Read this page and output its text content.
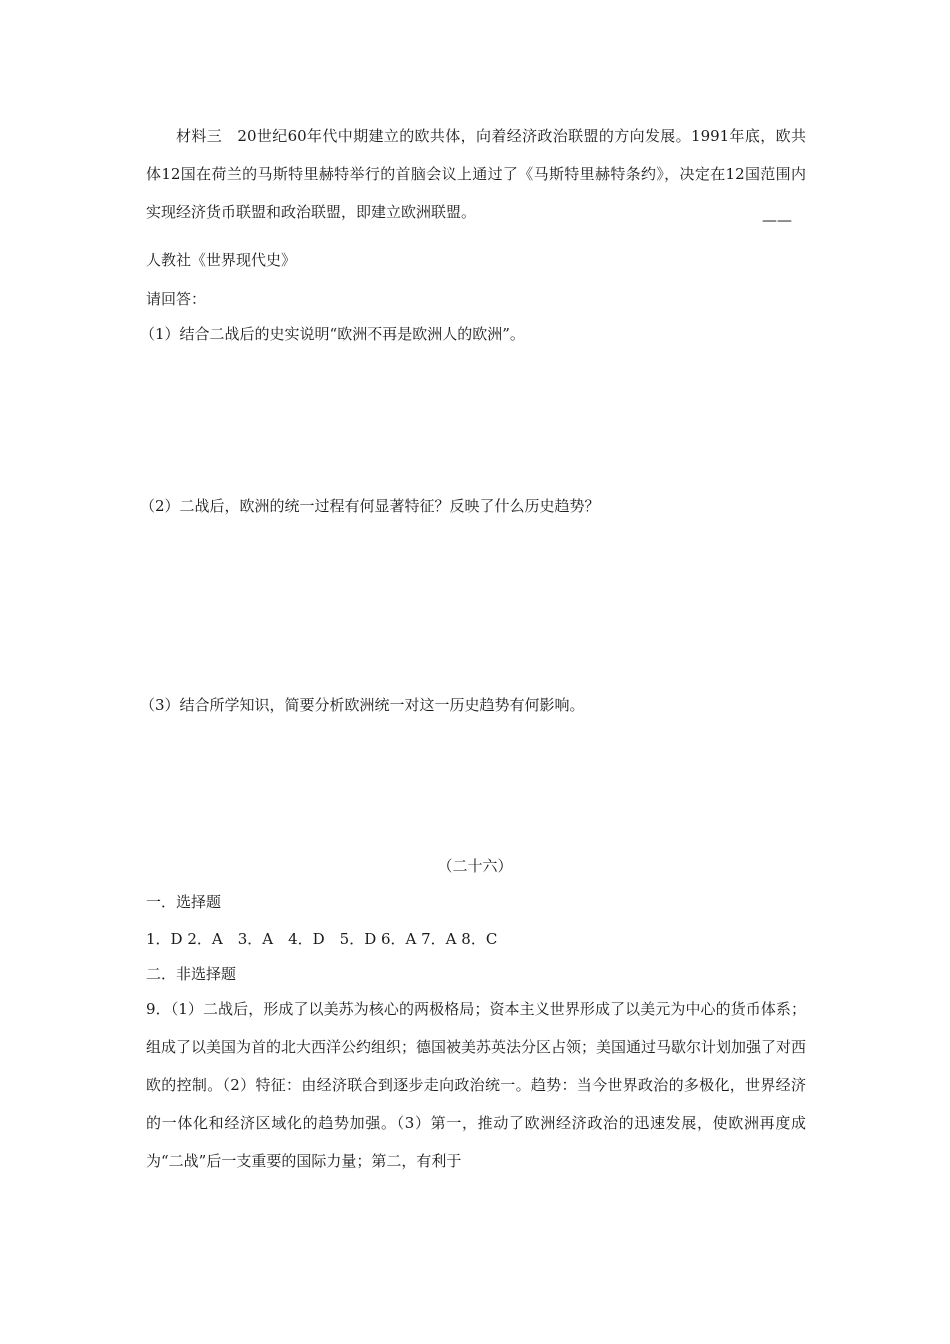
材料三　20世纪60年代中期建立的欧共体，向着经济政治联盟的方向发展。1991年底，欧共体12国在荷兰的马斯特里赫特举行的首脑会议上通过了《马斯特里赫特条约》，决定在12国范围内实现经济货币联盟和政治联盟，即建立欧洲联盟。	——
人教社《世界现代史》
请回答：
（1）结合二战后的史实说明“欧洲不再是欧洲人的欧洲”。
（2）二战后，欧洲的统一过程有何显著特征？反映了什么历史趋势？
（3）结合所学知识，简要分析欧洲统一对这一历史趋势有何影响。
（二十六）
一．选择题
1．D 2．A　3．A　4．D　5．D 6．A 7．A 8．C
二．非选择题
9．（1）二战后，形成了以美苏为核心的两极格局；资本主义世界形成了以美元为中心的货币体系；组成了以美国为首的北大西洋公约组织；德国被美苏英法分区占领；美国通过马歇尔计划加强了对西欧的控制。（2）特征：由经济联合到逐步走向政治统一。趋势：当今世界政治的多极化，世界经济的一体化和经济区域化的趋势加强。（3）第一，推动了欧洲经济政治的迅速发展，使欧洲再度成为“二战”后一支重要的国际力量；第二，有利于
